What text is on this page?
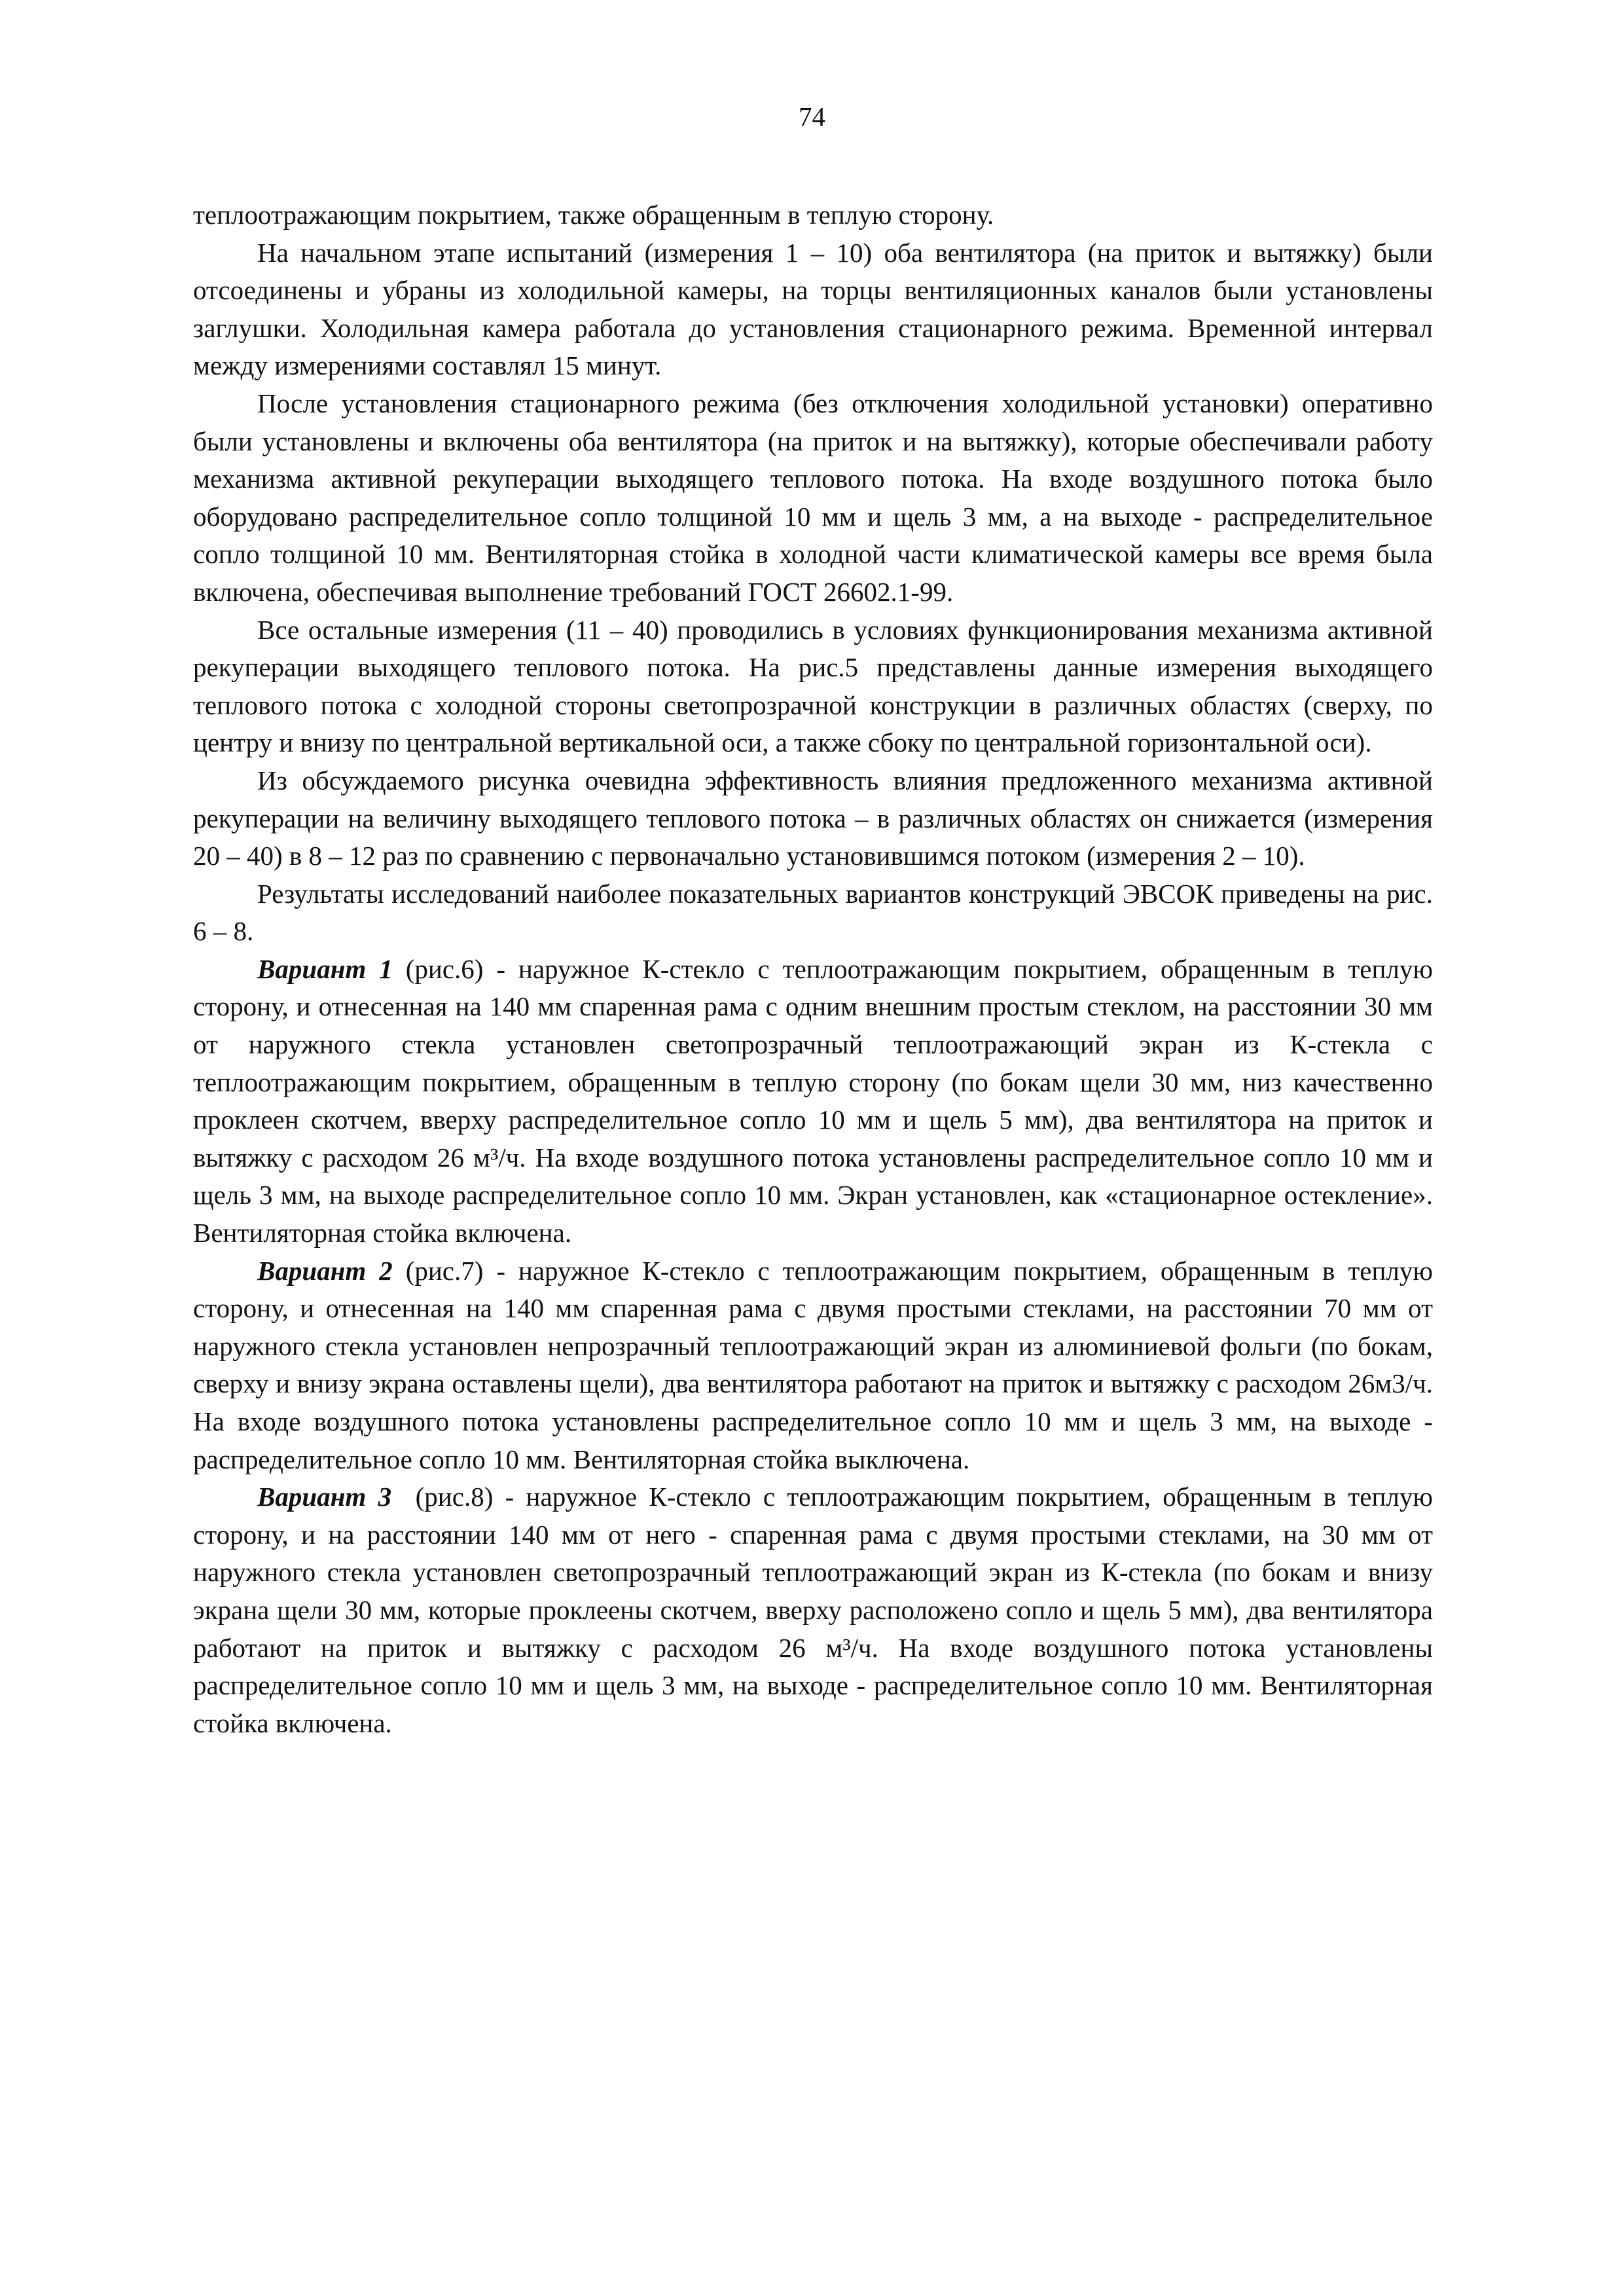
74

теплоотражающим покрытием, также обращенным в теплую сторону.

На начальном этапе испытаний (измерения 1 – 10) оба вентилятора (на приток и вытяжку) были отсоединены и убраны из холодильной камеры, на торцы вентиляционных каналов были установлены заглушки. Холодильная камера работала до установления стационарного режима. Временной интервал между измерениями составлял 15 минут.

После установления стационарного режима (без отключения холодильной установки) оперативно были установлены и включены оба вентилятора (на приток и на вытяжку), которые обеспечивали работу механизма активной рекуперации выходящего теплового потока. На входе воздушного потока было оборудовано распределительное сопло толщиной 10 мм и щель 3 мм, а на выходе - распределительное сопло толщиной 10 мм. Вентиляторная стойка в холодной части климатической камеры все время была включена, обеспечивая выполнение требований ГОСТ 26602.1-99.

Все остальные измерения (11 – 40) проводились в условиях функционирования механизма активной рекуперации выходящего теплового потока. На рис.5 представлены данные измерения выходящего теплового потока с холодной стороны светопрозрачной конструкции в различных областях (сверху, по центру и внизу по центральной вертикальной оси, а также сбоку по центральной горизонтальной оси).

Из обсуждаемого рисунка очевидна эффективность влияния предложенного механизма активной рекуперации на величину выходящего теплового потока – в различных областях он снижается (измерения 20 – 40) в 8 – 12 раз по сравнению с первоначально установившимся потоком (измерения 2 – 10).

Результаты исследований наиболее показательных вариантов конструкций ЭВСОК приведены на рис. 6 – 8.

Вариант 1 (рис.6) - наружное К-стекло с теплоотражающим покрытием, обращенным в теплую сторону, и отнесенная на 140 мм спаренная рама с одним внешним простым стеклом, на расстоянии 30 мм от наружного стекла установлен светопрозрачный теплоотражающий экран из К-стекла с теплоотражающим покрытием, обращенным в теплую сторону (по бокам щели 30 мм, низ качественно проклеен скотчем, вверху распределительное сопло 10 мм и щель 5 мм), два вентилятора на приток и вытяжку с расходом 26 м³/ч. На входе воздушного потока установлены распределительное сопло 10 мм и щель 3 мм, на выходе распределительное сопло 10 мм. Экран установлен, как «стационарное остекление». Вентиляторная стойка включена.

Вариант 2 (рис.7) - наружное К-стекло с теплоотражающим покрытием, обращенным в теплую сторону, и отнесенная на 140 мм спаренная рама с двумя простыми стеклами, на расстоянии 70 мм от наружного стекла установлен непрозрачный теплоотражающий экран из алюминиевой фольги (по бокам, сверху и внизу экрана оставлены щели), два вентилятора работают на приток и вытяжку с расходом 26м3/ч. На входе воздушного потока установлены распределительное сопло 10 мм и щель 3 мм, на выходе - распределительное сопло 10 мм. Вентиляторная стойка выключена.

Вариант 3  (рис.8) - наружное К-стекло с теплоотражающим покрытием, обращенным в теплую сторону, и на расстоянии 140 мм от него - спаренная рама с двумя простыми стеклами, на 30 мм от наружного стекла установлен светопрозрачный теплоотражающий экран из К-стекла (по бокам и внизу экрана щели 30 мм, которые проклеены скотчем, вверху расположено сопло и щель 5 мм), два вентилятора работают на приток и вытяжку с расходом 26 м³/ч. На входе воздушного потока установлены распределительное сопло 10 мм и щель 3 мм, на выходе - распределительное сопло 10 мм. Вентиляторная стойка включена.
